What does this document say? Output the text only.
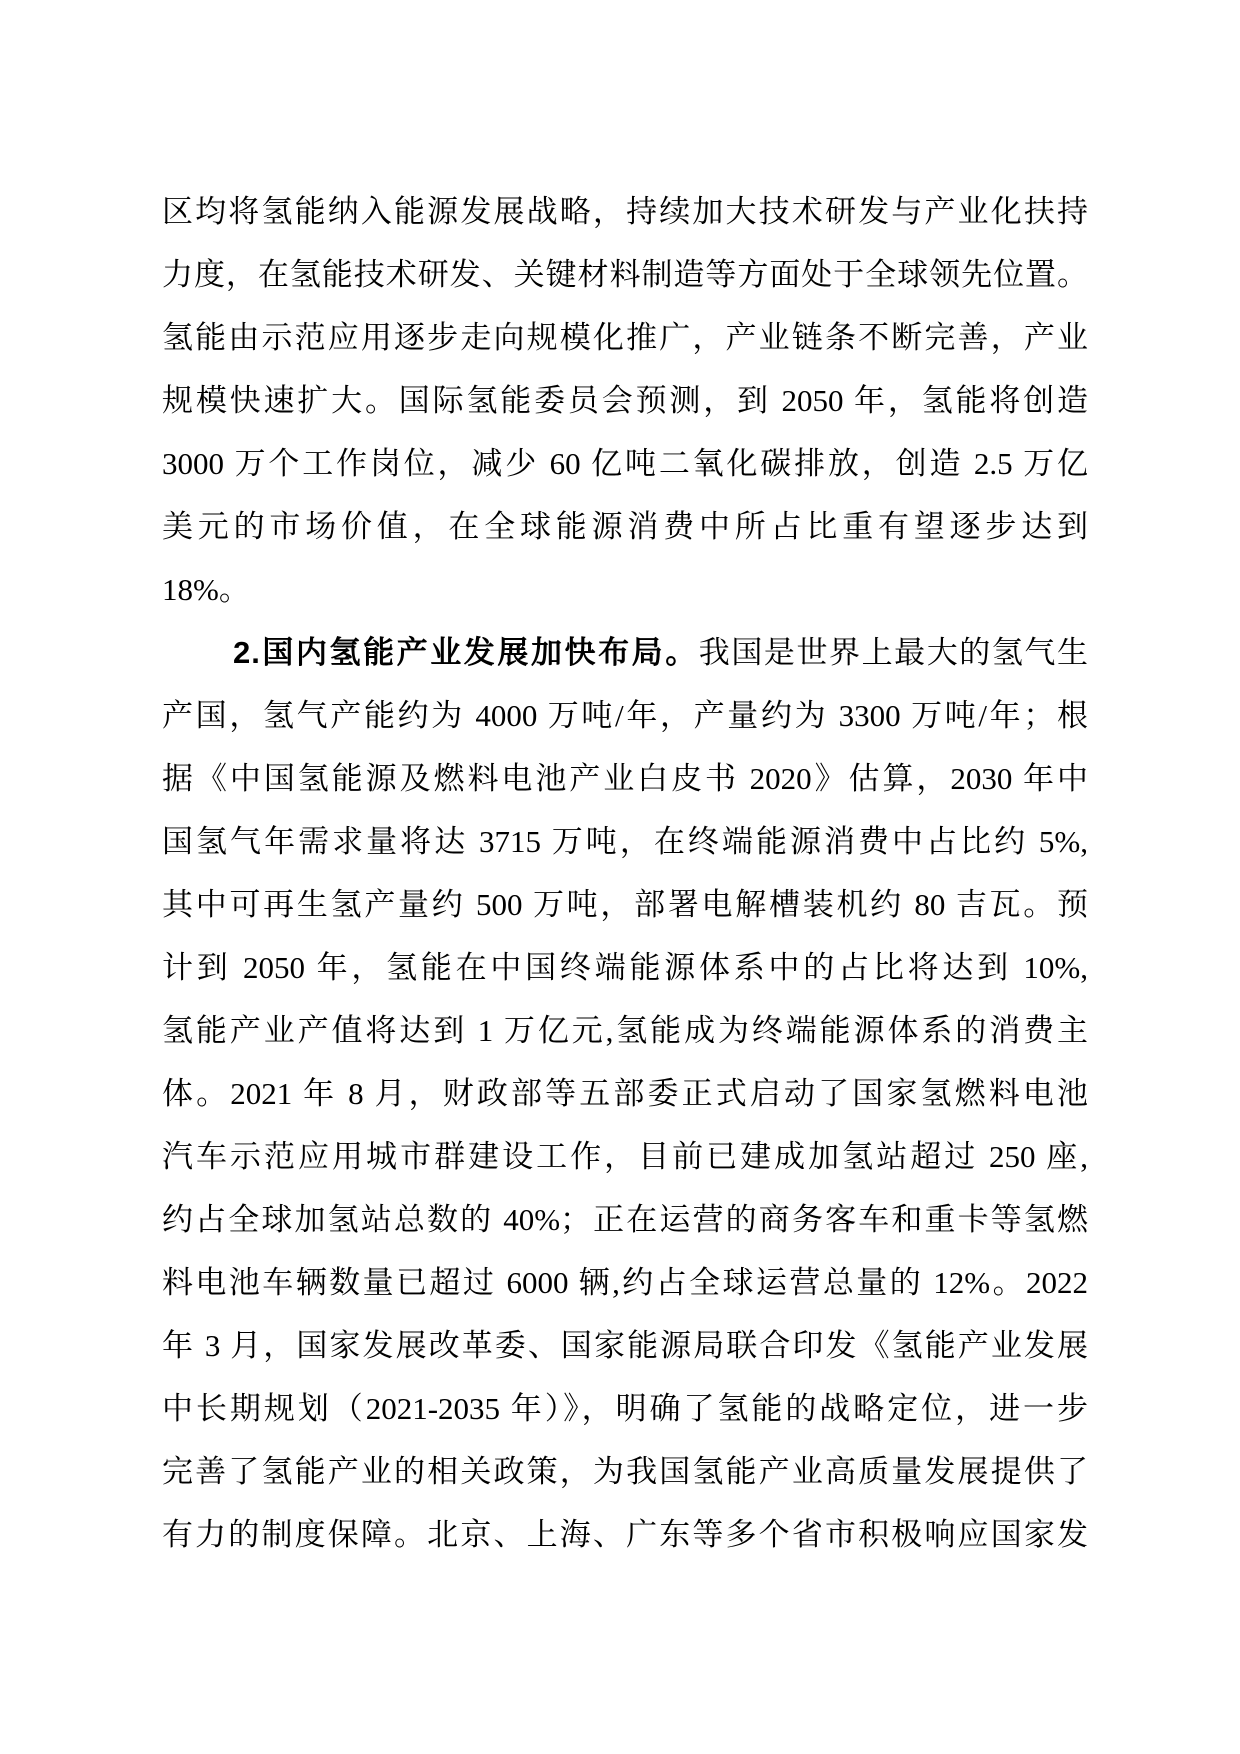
区均将氢能纳入能源发展战略，持续加大技术研发与产业化扶持
力度，在氢能技术研发、关键材料制造等方面处于全球领先位置。
氢能由示范应用逐步走向规模化推广，产业链条不断完善，产业
规模快速扩大。国际氢能委员会预测，到 2050 年，氢能将创造
3000 万个工作岗位，减少 60 亿吨二氧化碳排放，创造 2.5 万亿
美元的市场价值，在全球能源消费中所占比重有望逐步达到
18%。
2.国内氢能产业发展加快布局。我国是世界上最大的氢气生
产国，氢气产能约为 4000 万吨/年，产量约为 3300 万吨/年；根
据《中国氢能源及燃料电池产业白皮书 2020》估算，2030 年中
国氢气年需求量将达 3715 万吨，在终端能源消费中占比约 5%,
其中可再生氢产量约 500 万吨，部署电解槽装机约 80 吉瓦。预
计到 2050 年，氢能在中国终端能源体系中的占比将达到 10%,
氢能产业产值将达到 1 万亿元,氢能成为终端能源体系的消费主
体。2021 年 8 月，财政部等五部委正式启动了国家氢燃料电池
汽车示范应用城市群建设工作，目前已建成加氢站超过 250 座,
约占全球加氢站总数的 40%；正在运营的商务客车和重卡等氢燃
料电池车辆数量已超过 6000 辆,约占全球运营总量的 12%。2022
年 3 月，国家发展改革委、国家能源局联合印发《氢能产业发展
中长期规划（2021-2035 年）》，明确了氢能的战略定位，进一步
完善了氢能产业的相关政策，为我国氢能产业高质量发展提供了
有力的制度保障。北京、上海、广东等多个省市积极响应国家发
